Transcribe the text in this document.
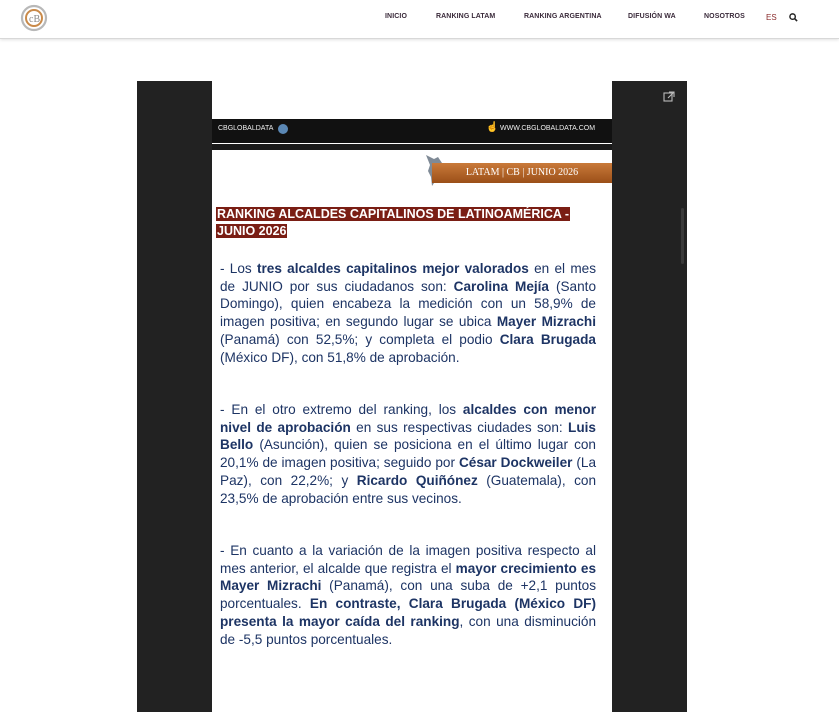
cB	INICIO	RANKING LATAM	RANKING ARGENTINA	DIFUSIÓN WA	NOSOTROS	ES
CBGLOBALDATA	☝ WWW.CBGLOBALDATA.COM
LATAM | CB | JUNIO 2026
RANKING ALCALDES CAPITALINOS DE LATINOAMÉRICA - JUNIO 2026
- Los tres alcaldes capitalinos mejor valorados en el mes de JUNIO por sus ciudadanos son: Carolina Mejía (Santo Domingo), quien encabeza la medición con un 58,9% de imagen positiva; en segundo lugar se ubica Mayer Mizrachi (Panamá) con 52,5%; y completa el podio Clara Brugada (México DF), con 51,8% de aprobación.
- En el otro extremo del ranking, los alcaldes con menor nivel de aprobación en sus respectivas ciudades son: Luis Bello (Asunción), quien se posiciona en el último lugar con 20,1% de imagen positiva; seguido por César Dockweiler (La Paz), con 22,2%; y Ricardo Quiñónez (Guatemala), con 23,5% de aprobación entre sus vecinos.
- En cuanto a la variación de la imagen positiva respecto al mes anterior, el alcalde que registra el mayor crecimiento es Mayer Mizrachi (Panamá), con una suba de +2,1 puntos porcentuales. En contraste, Clara Brugada (México DF) presenta la mayor caída del ranking, con una disminución de -5,5 puntos porcentuales.
